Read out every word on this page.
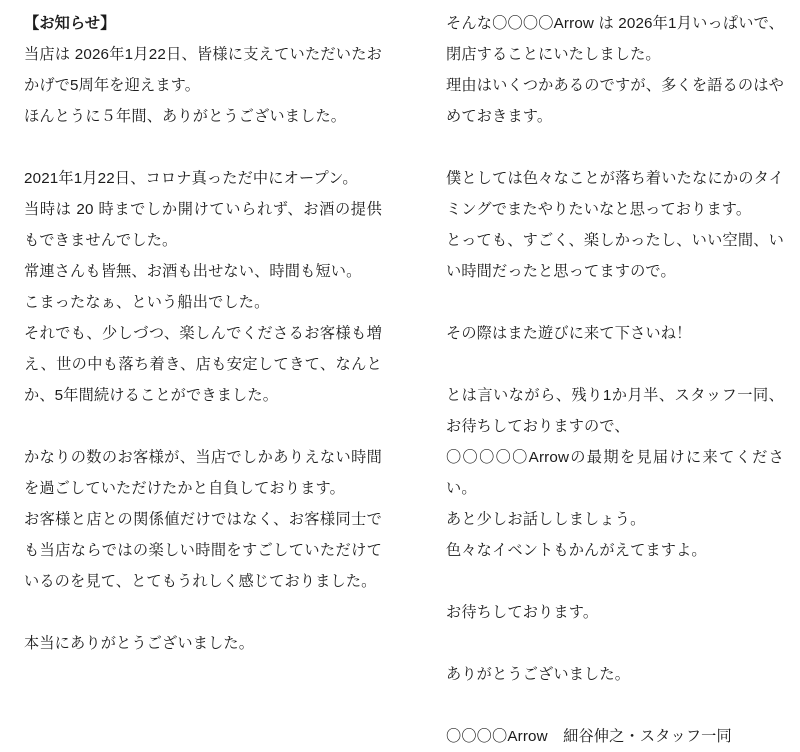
【お知らせ】

当店は 2026年1月22日、皆様に支えていただいたおかげで5周年を迎えます。

ほんとうに５年間、ありがとうございました。

2021年1月22日、コロナ真っただ中にオープン。

当時は 20 時までしか開けていられず、お酒の提供もできませんでした。

常連さんも皆無、お酒も出せない、時間も短い。

こまったなぁ、という船出でした。

それでも、少しづつ、楽しんでくださるお客様も増え、世の中も落ち着き、店も安定してきて、なんとか、5年間続けることができました。

かなりの数のお客様が、当店でしかありえない時間を過ごしていただけたかと自負しております。

お客様と店との関係値だけではなく、お客様同士でも当店ならではの楽しい時間をすごしていただけているのを見て、とてもうれしく感じておりました。

本当にありがとうございました。

そんな〇〇〇〇Arrow は 2026年1月いっぱいで、閉店することにいたしました。

理由はいくつかあるのですが、多くを語るのはやめておきます。

僕としては色々なことが落ち着いたなにかのタイミングでまたやりたいなと思っております。

とっても、すごく、楽しかったし、いい空間、いい時間だったと思ってますので。

その際はまた遊びに来て下さいね！

とは言いながら、残り1か月半、スタッフ一同、お待ちしておりますので、

〇〇〇〇〇Arrowの最期を見届けに来てください。

あと少しお話ししましょう。

色々なイベントもかんがえてますよ。

お待ちしております。

ありがとうございました。

〇〇〇〇Arrow　細谷伸之・スタッフ一同
